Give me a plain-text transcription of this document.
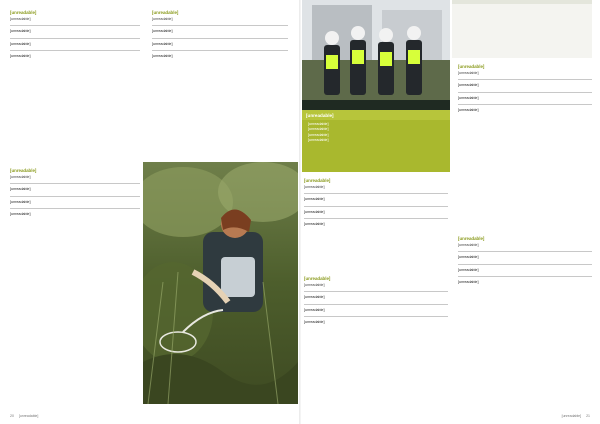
[unreadable]

[unreadable]

[unreadable]

[unreadable]

[unreadable]

[unreadable]

[unreadable]

[unreadable]

[unreadable]

[unreadable]

[unreadable]

[unreadable]

[unreadable]

[unreadable]

[unreadable]

20 [unreadable]
[unreadable]
[unreadable]
[unreadable]
[unreadable]
[unreadable]
[unreadable]

[unreadable]

[unreadable]

[unreadable]

[unreadable]

[unreadable]

[unreadable]

[unreadable]

[unreadable]

[unreadable]

[unreadable]

[unreadable]

[unreadable]

[unreadable]

[unreadable]

[unreadable]

[unreadable]

[unreadable]

[unreadable]

[unreadable]

[unreadable] 21
